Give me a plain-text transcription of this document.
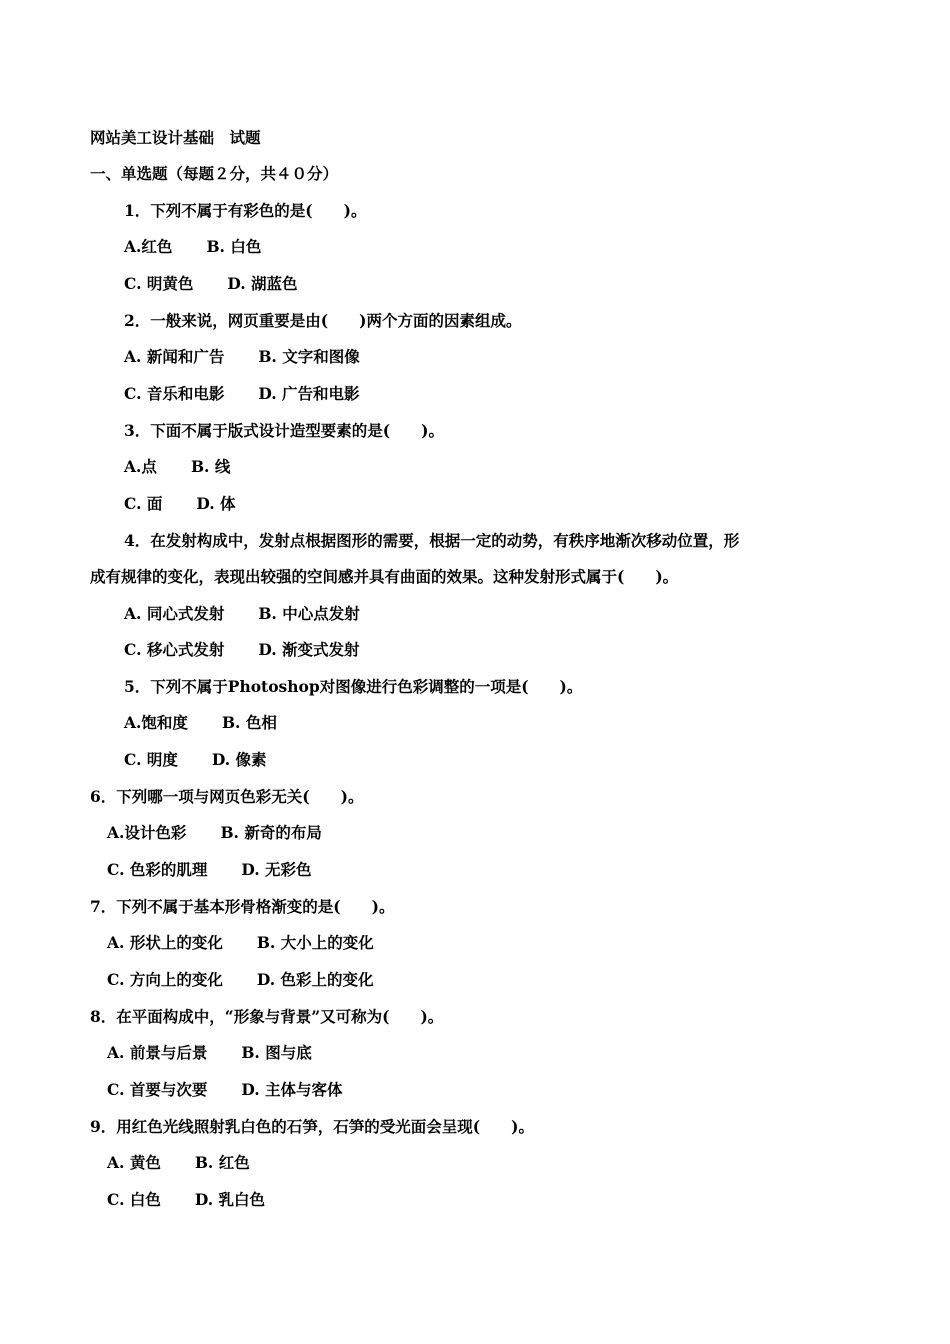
网站美工设计基础　试题
一、单选题（每题２分，共４０分）
1．下列不属于有彩色的是(　　)。
A.红色 B. 白色
C. 明黄色 D. 湖蓝色
2．一般来说，网页重要是由(　　)两个方面的因素组成。
A. 新闻和广告 B. 文字和图像
C. 音乐和电影 D. 广告和电影
3．下面不属于版式设计造型要素的是(　　)。
A.点 B. 线
C. 面 D. 体
4．在发射构成中，发射点根据图形的需要，根据一定的动势，有秩序地渐次移动位置，形
成有规律的变化，表现出较强的空间感并具有曲面的效果。这种发射形式属于(　　)。
A. 同心式发射 B. 中心点发射
C. 移心式发射 D. 渐变式发射
5．下列不属于Photoshop对图像进行色彩调整的一项是(　　)。
A.饱和度 B. 色相
C. 明度 D. 像素
6．下列哪一项与网页色彩无关(　　)。
A.设计色彩 B. 新奇的布局
C. 色彩的肌理 D. 无彩色
7．下列不属于基本形骨格渐变的是(　　)。
A. 形状上的变化 B. 大小上的变化
C. 方向上的变化 D. 色彩上的变化
8．在平面构成中，“形象与背景”又可称为(　　)。
A. 前景与后景 B. 图与底
C. 首要与次要 D. 主体与客体
9．用红色光线照射乳白色的石笋，石笋的受光面会呈现(　　)。
A. 黄色 B. 红色
C. 白色 D. 乳白色
